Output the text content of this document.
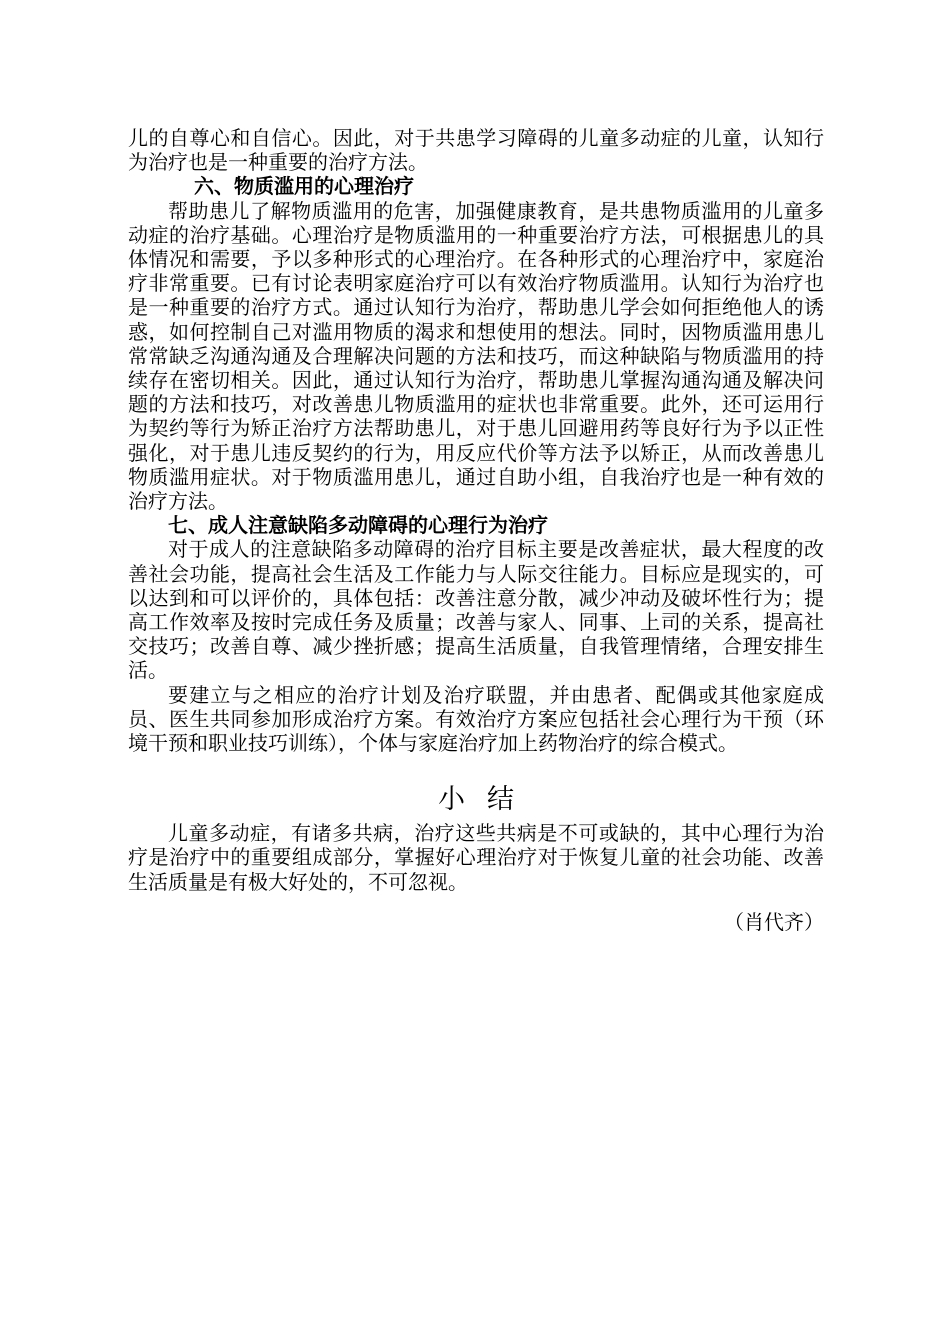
儿的自尊心和自信心。因此，对于共患学习障碍的儿童多动症的儿童，认知行为治疗也是一种重要的治疗方法。

六、物质滥用的心理治疗

帮助患儿了解物质滥用的危害，加强健康教育，是共患物质滥用的儿童多动症的治疗基础。心理治疗是物质滥用的一种重要治疗方法，可根据患儿的具体情况和需要，予以多种形式的心理治疗。在各种形式的心理治疗中，家庭治疗非常重要。已有讨论表明家庭治疗可以有效治疗物质滥用。认知行为治疗也是一种重要的治疗方式。通过认知行为治疗，帮助患儿学会如何拒绝他人的诱惑，如何控制自己对滥用物质的渴求和想使用的想法。同时，因物质滥用患儿常常缺乏沟通沟通及合理解决问题的方法和技巧，而这种缺陷与物质滥用的持续存在密切相关。因此，通过认知行为治疗，帮助患儿掌握沟通沟通及解决问题的方法和技巧，对改善患儿物质滥用的症状也非常重要。此外，还可运用行为契约等行为矫正治疗方法帮助患儿，对于患儿回避用药等良好行为予以正性强化，对于患儿违反契约的行为，用反应代价等方法予以矫正，从而改善患儿物质滥用症状。对于物质滥用患儿，通过自助小组，自我治疗也是一种有效的治疗方法。

七、成人注意缺陷多动障碍的心理行为治疗

对于成人的注意缺陷多动障碍的治疗目标主要是改善症状，最大程度的改善社会功能，提高社会生活及工作能力与人际交往能力。目标应是现实的，可以达到和可以评价的，具体包括：改善注意分散，减少冲动及破坏性行为；提高工作效率及按时完成任务及质量；改善与家人、同事、上司的关系，提高社交技巧；改善自尊、减少挫折感；提高生活质量，自我管理情绪，合理安排生活。

要建立与之相应的治疗计划及治疗联盟，并由患者、配偶或其他家庭成员、医生共同参加形成治疗方案。有效治疗方案应包括社会心理行为干预（环境干预和职业技巧训练），个体与家庭治疗加上药物治疗的综合模式。

小结

儿童多动症，有诸多共病，治疗这些共病是不可或缺的，其中心理行为治疗是治疗中的重要组成部分，掌握好心理治疗对于恢复儿童的社会功能、改善生活质量是有极大好处的，不可忽视。

（肖代齐）
